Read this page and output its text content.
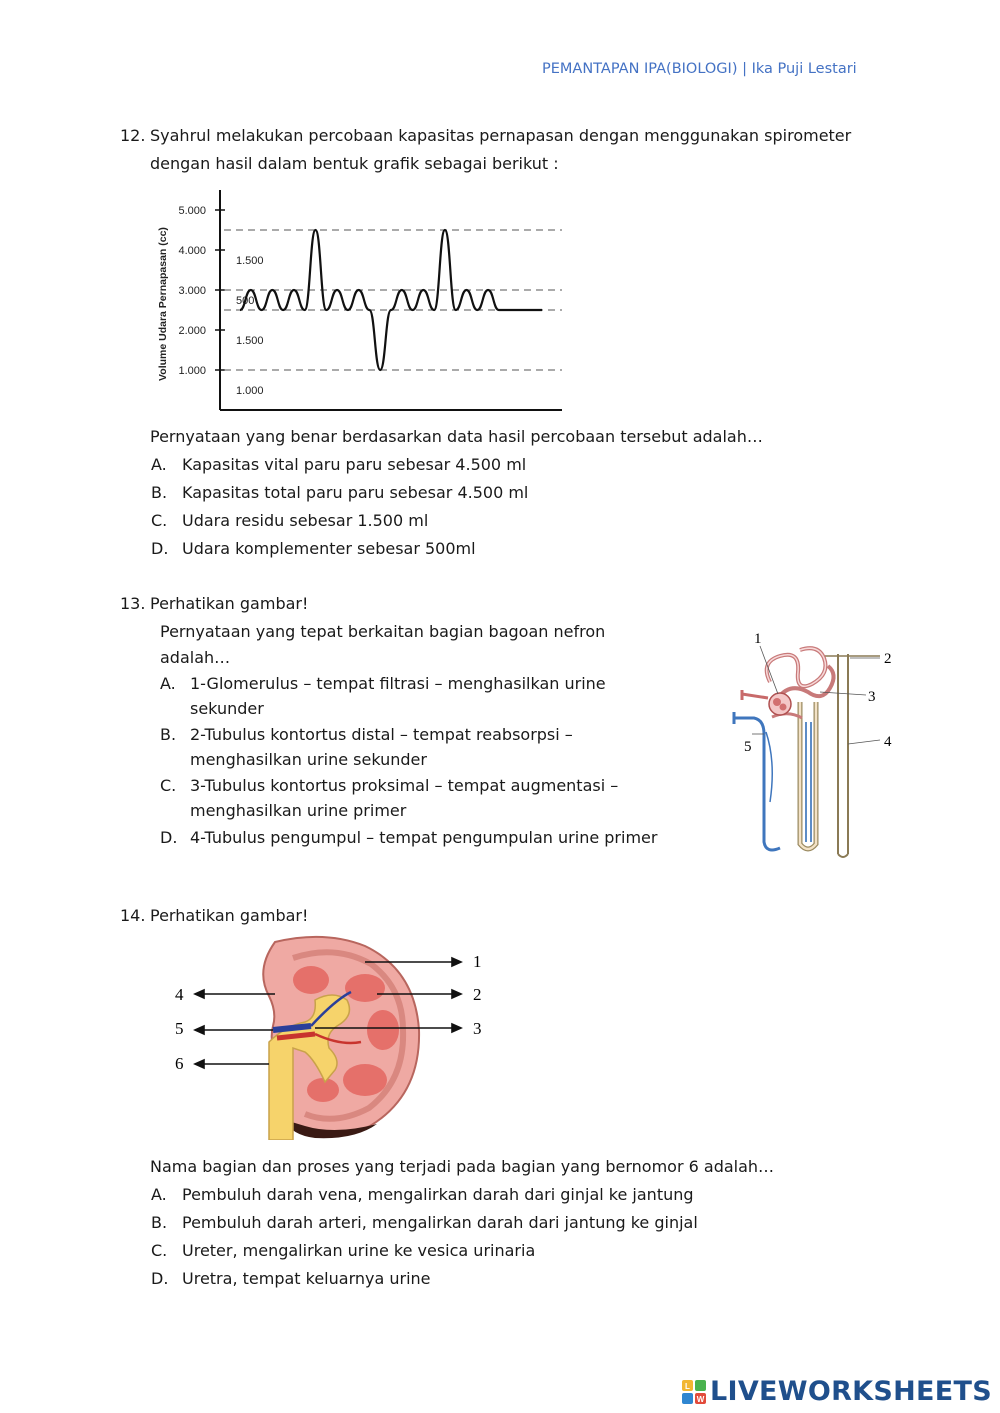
PEMANTAPAN IPA(BIOLOGI) | Ika Puji Lestari
12. Syahrul melakukan percobaan kapasitas pernapasan dengan menggunakan spirometer
dengan hasil dalam bentuk grafik sebagai berikut :
5.000
4.000
3.000
2.000
1.000
Volume Udara Pernapasan (cc)	1.500
500
1.500
1.000
Pernyataan yang benar berdasarkan data hasil percobaan tersebut adalah…
A. Kapasitas vital paru paru sebesar 4.500 ml
B. Kapasitas total paru paru sebesar 4.500 ml
C. Udara residu sebesar 1.500 ml
D. Udara komplementer sebesar 500ml
13. Perhatikan gambar!
Pernyataan yang tepat berkaitan bagian bagoan nefron
adalah…
A. 1-Glomerulus – tempat filtrasi – menghasilkan urine
sekunder
B. 2-Tubulus kontortus distal – tempat reabsorpsi –
menghasilkan urine sekunder
C. 3-Tubulus kontortus proksimal – tempat augmentasi –
menghasilkan urine primer
D. 4-Tubulus pengumpul – tempat pengumpulan urine primer
1
2
3
4
5
14. Perhatikan gambar!
1
2
3
4
5
6
Nama bagian dan proses yang terjadi pada bagian yang bernomor 6 adalah…
A. Pembuluh darah vena, mengalirkan darah dari ginjal ke jantung
B. Pembuluh darah arteri, mengalirkan darah dari jantung ke ginjal
C. Ureter, mengalirkan urine ke vesica urinaria
D. Uretra, tempat keluarnya urine
L
W LIVEWORKSHEETS
